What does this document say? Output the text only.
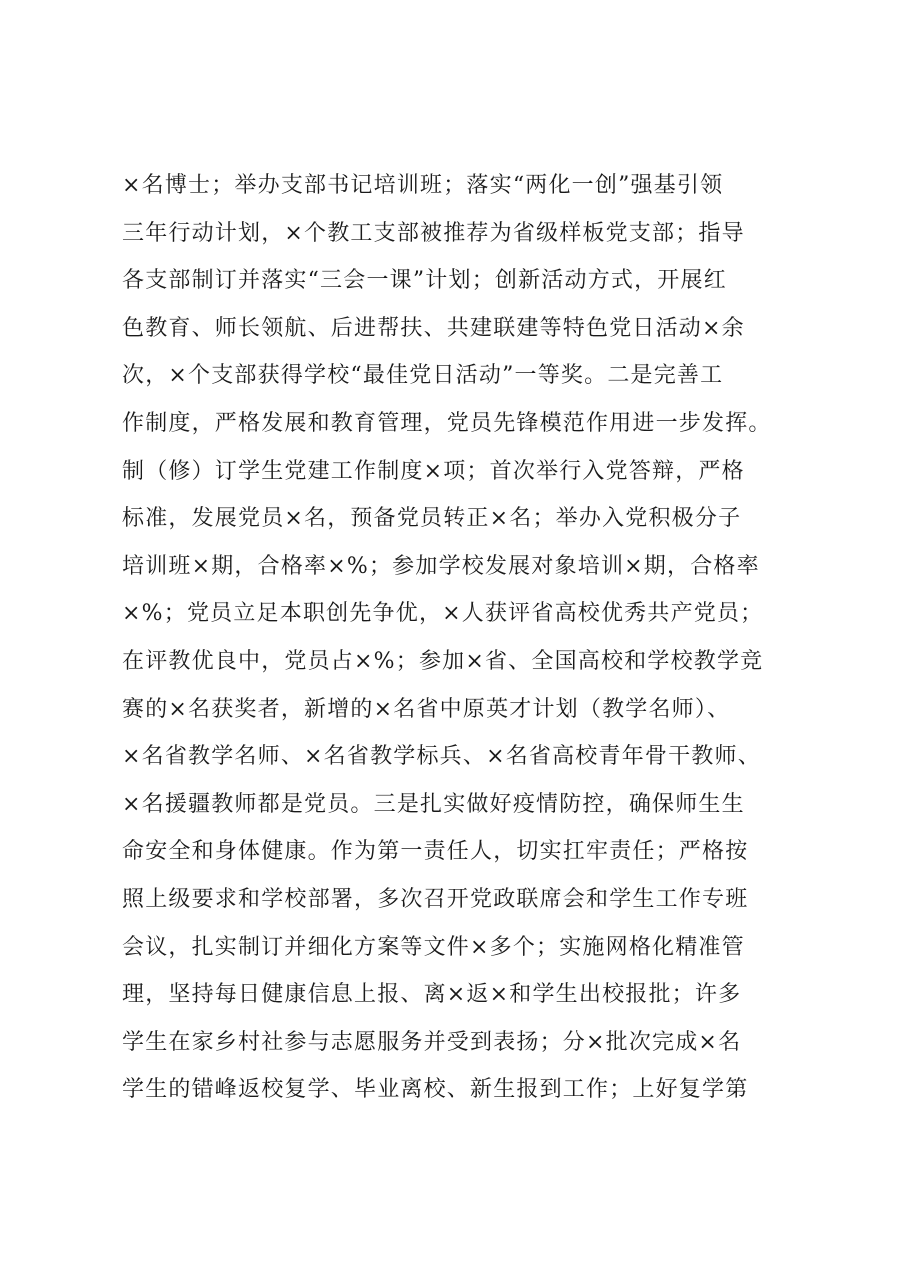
×名博士；举办支部书记培训班；落实“两化一创”强基引领
三年行动计划，×个教工支部被推荐为省级样板党支部；指导
各支部制订并落实“三会一课”计划；创新活动方式，开展红
色教育、师长领航、后进帮扶、共建联建等特色党日活动×余
次，×个支部获得学校“最佳党日活动”一等奖。二是完善工
作制度，严格发展和教育管理，党员先锋模范作用进一步发挥。
制（修）订学生党建工作制度×项；首次举行入党答辩，严格
标准，发展党员×名，预备党员转正×名；举办入党积极分子
培训班×期，合格率×%；参加学校发展对象培训×期，合格率
×%；党员立足本职创先争优，×人获评省高校优秀共产党员；
在评教优良中，党员占×%；参加×省、全国高校和学校教学竞
赛的×名获奖者，新增的×名省中原英才计划（教学名师）、
×名省教学名师、×名省教学标兵、×名省高校青年骨干教师、
×名援疆教师都是党员。三是扎实做好疫情防控，确保师生生
命安全和身体健康。作为第一责任人，切实扛牢责任；严格按
照上级要求和学校部署，多次召开党政联席会和学生工作专班
会议，扎实制订并细化方案等文件×多个；实施网格化精准管
理，坚持每日健康信息上报、离×返×和学生出校报批；许多
学生在家乡村社参与志愿服务并受到表扬；分×批次完成×名
学生的错峰返校复学、毕业离校、新生报到工作；上好复学第
